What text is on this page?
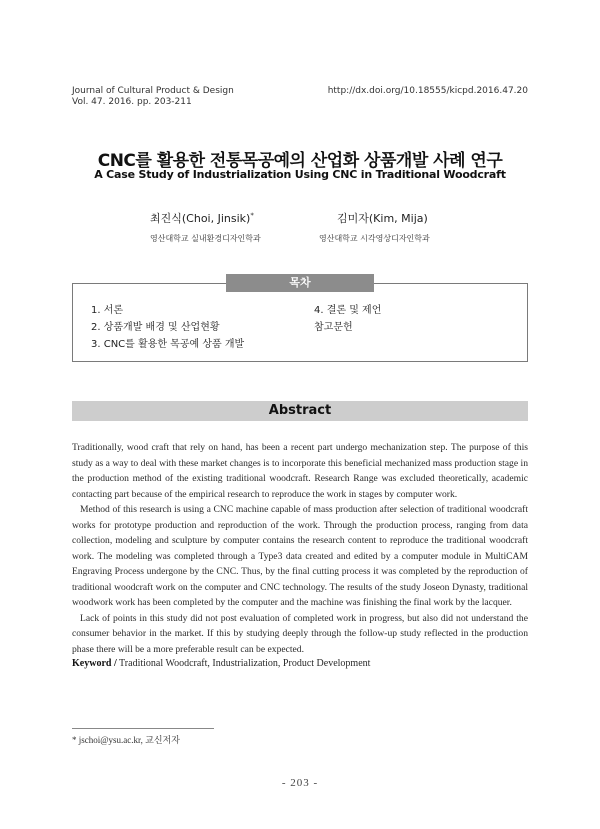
Journal of Cultural Product & Design
Vol. 47. 2016. pp. 203-211
http://dx.doi.org/10.18555/kicpd.2016.47.20
CNC를 활용한 전통목공예의 산업화 상품개발 사례 연구
A Case Study of Industrialization Using CNC in Traditional Woodcraft
최진식(Choi, Jinsik)*
영산대학교 실내환경디자인학과
김미자(Kim, Mija)
영산대학교 시각영상디자인학과
목차
1. 서론
2. 상품개발 배경 및 산업현황
3. CNC를 활용한 목공예 상품 개발
4. 결론 및 제언
참고문헌
Abstract

Traditionally, wood craft that rely on hand, has been a recent part undergo mechanization step. The purpose of this study as a way to deal with these market changes is to incorporate this beneficial mechanized mass production stage in the production method of the existing traditional woodcraft. Research Range was excluded theoretically, academic contacting part because of the empirical research to reproduce the work in stages by computer work.

Method of this research is using a CNC machine capable of mass production after selection of traditional woodcraft works for prototype production and reproduction of the work. Through the production process, ranging from data collection, modeling and sculpture by computer contains the research content to reproduce the traditional woodcraft work. The modeling was completed through a Type3 data created and edited by a computer module in MultiCAM Engraving Process undergone by the CNC. Thus, by the final cutting process it was completed by the reproduction of traditional woodcraft work on the computer and CNC technology. The results of the study Joseon Dynasty, traditional woodwork work has been completed by the computer and the machine was finishing the final work by the lacquer.

Lack of points in this study did not post evaluation of completed work in progress, but also did not understand the consumer behavior in the market. If this by studying deeply through the follow-up study reflected in the production phase there will be a more preferable result can be expected.

Keyword / Traditional Woodcraft, Industrialization, Product Development
* jschoi@ysu.ac.kr, 교신저자
- 203 -
